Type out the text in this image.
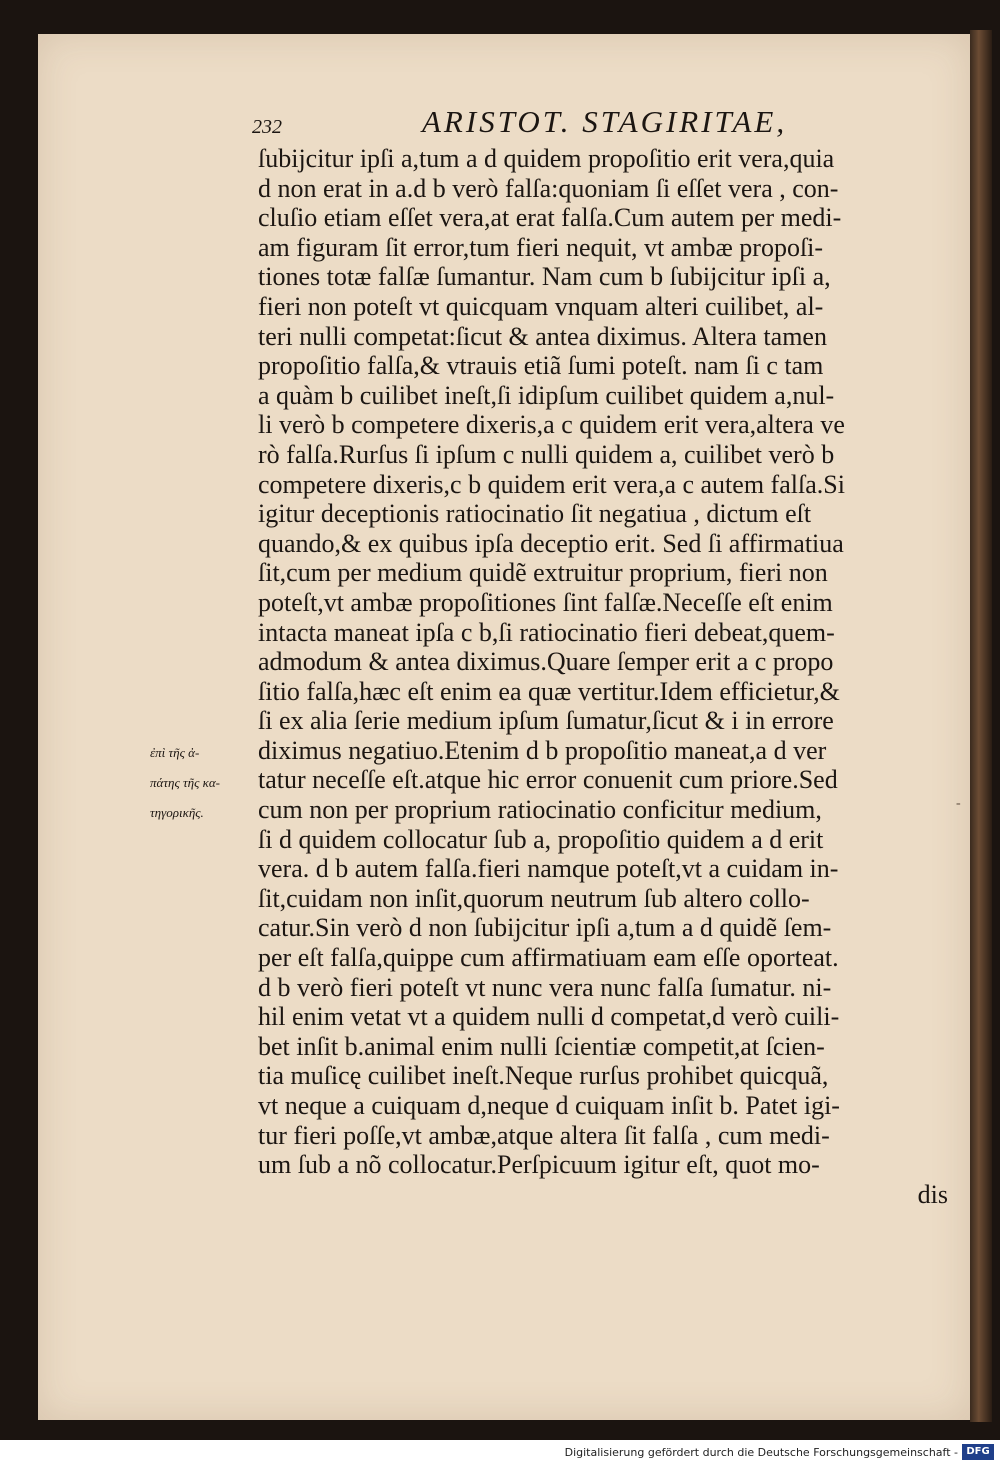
232	ARISTOT. STAGIRITAE,
ſubijcitur ipſi a,tum a d quidem propoſitio erit vera,quia
d non erat in a.d b verò falſa:quoniam ſi eſſet vera , con-
cluſio etiam eſſet vera,at erat falſa.Cum autem per medi-
am figuram ſit error,tum fieri nequit, vt ambæ propoſi-
tiones totæ falſæ ſumantur. Nam cum b ſubijcitur ipſi a,
fieri non poteſt vt quicquam vnquam alteri cuilibet, al-
teri nulli competat:ſicut & antea diximus. Altera tamen
propoſitio falſa,& vtrauis etiã ſumi poteſt. nam ſi c tam
a quàm b cuilibet ineſt,ſi idipſum cuilibet quidem a,nul-
li verò b competere dixeris,a c quidem erit vera,altera ve
rò falſa.Rurſus ſi ipſum c nulli quidem a, cuilibet verò b
competere dixeris,c b quidem erit vera,a c autem falſa.Si
igitur deceptionis ratiocinatio ſit negatiua , dictum eſt
quando,& ex quibus ipſa deceptio erit. Sed ſi affirmatiua
ſit,cum per medium quidẽ extruitur proprium, fieri non
poteſt,vt ambæ propoſitiones ſint falſæ.Neceſſe eſt enim
intacta maneat ipſa c b,ſi ratiocinatio fieri debeat,quem-
admodum & antea diximus.Quare ſemper erit a c propo
ſitio falſa,hæc eſt enim ea quæ vertitur.Idem efficietur,&
ſi ex alia ſerie medium ipſum ſumatur,ſicut & i in errore
diximus negatiuo.Etenim d b propoſitio maneat,a d ver
tatur neceſſe eſt.atque hic error conuenit cum priore.Sed
cum non per proprium ratiocinatio conficitur medium,
ſi d quidem collocatur ſub a, propoſitio quidem a d erit
vera. d b autem falſa.fieri namque poteſt,vt a cuidam in-
ſit,cuidam non inſit,quorum neutrum ſub altero collo-
catur.Sin verò d non ſubijcitur ipſi a,tum a d quidẽ ſem-
per eſt falſa,quippe cum affirmatiuam eam eſſe oporteat.
d b verò fieri poteſt vt nunc vera nunc falſa ſumatur. ni-
hil enim vetat vt a quidem nulli d competat,d verò cuili-
bet inſit b.animal enim nulli ſcientiæ competit,at ſcien-
tia muſicę cuilibet ineſt.Neque rurſus prohibet quicquã,
vt neque a cuiquam d,neque d cuiquam inſit b. Patet igi-
tur fieri poſſe,vt ambæ,atque altera ſit falſa , cum medi-
um ſub a nõ collocatur.Perſpicuum igitur eſt, quot mo-
dis
ἐπὶ τῆς ἀ-
πάτης τῆς κα-
τηγορικῆς.
-
Digitalisierung gefördert durch die Deutsche Forschungsgemeinschaft - DFG
